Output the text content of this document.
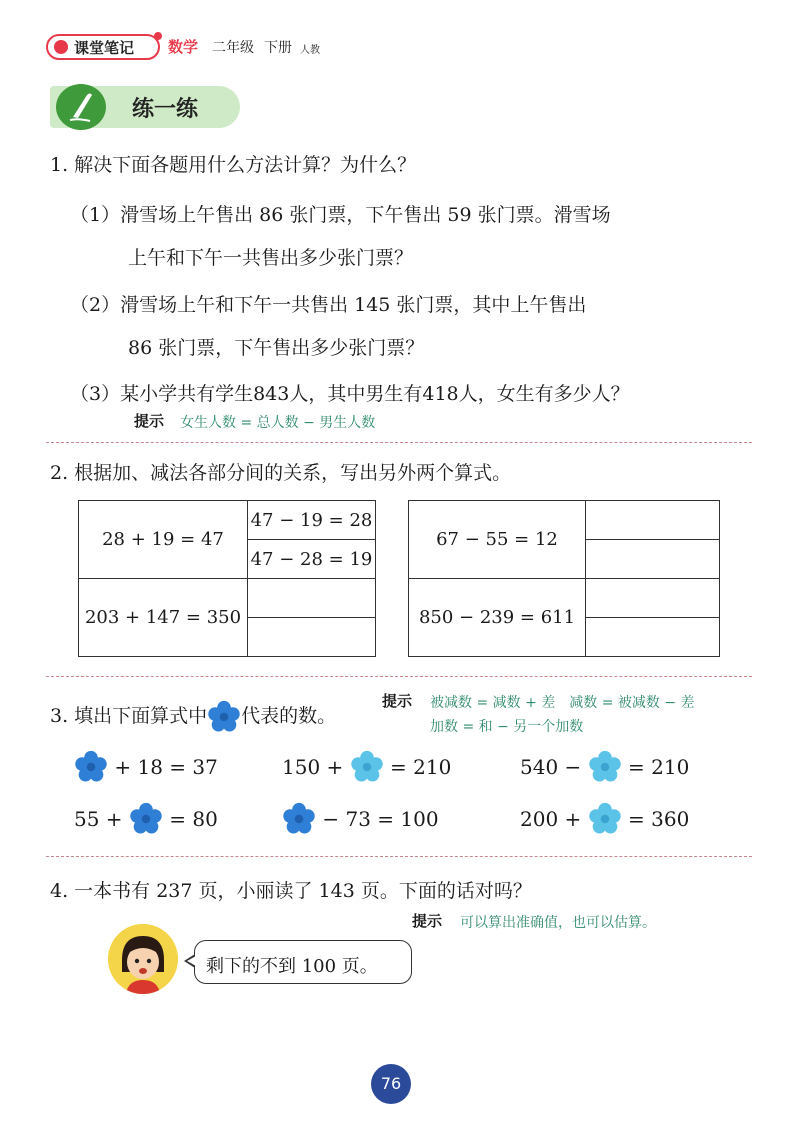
课堂笔记 数学 二年级 下册 人教
练一练
1. 解决下面各题用什么方法计算？为什么？
（1）滑雪场上午售出 86 张门票，下午售出 59 张门票。滑雪场
上午和下午一共售出多少张门票？
（2）滑雪场上午和下午一共售出 145 张门票，其中上午售出
86 张门票，下午售出多少张门票？
（3）某小学共有学生843人，其中男生有418人，女生有多少人？
提示 女生人数 = 总人数 − 男生人数
2. 根据加、减法各部分间的关系，写出另外两个算式。
28 + 19 = 47	47 − 19 = 28
	47 − 28 = 19
203 + 147 = 350	

67 − 55 = 12	

850 − 239 = 611	

3. 填出下面算式中 代表的数。
提示 被减数 = 减数 + 差　减数 = 被减数 − 差
加数 = 和 − 另一个加数
+ 18 = 37	150 + = 210	540 − = 210
55 + = 80	− 73 = 100	200 + = 360
4. 一本书有 237 页，小丽读了 143 页。下面的话对吗？
提示 可以算出准确值，也可以估算。
剩下的不到 100 页。
76
